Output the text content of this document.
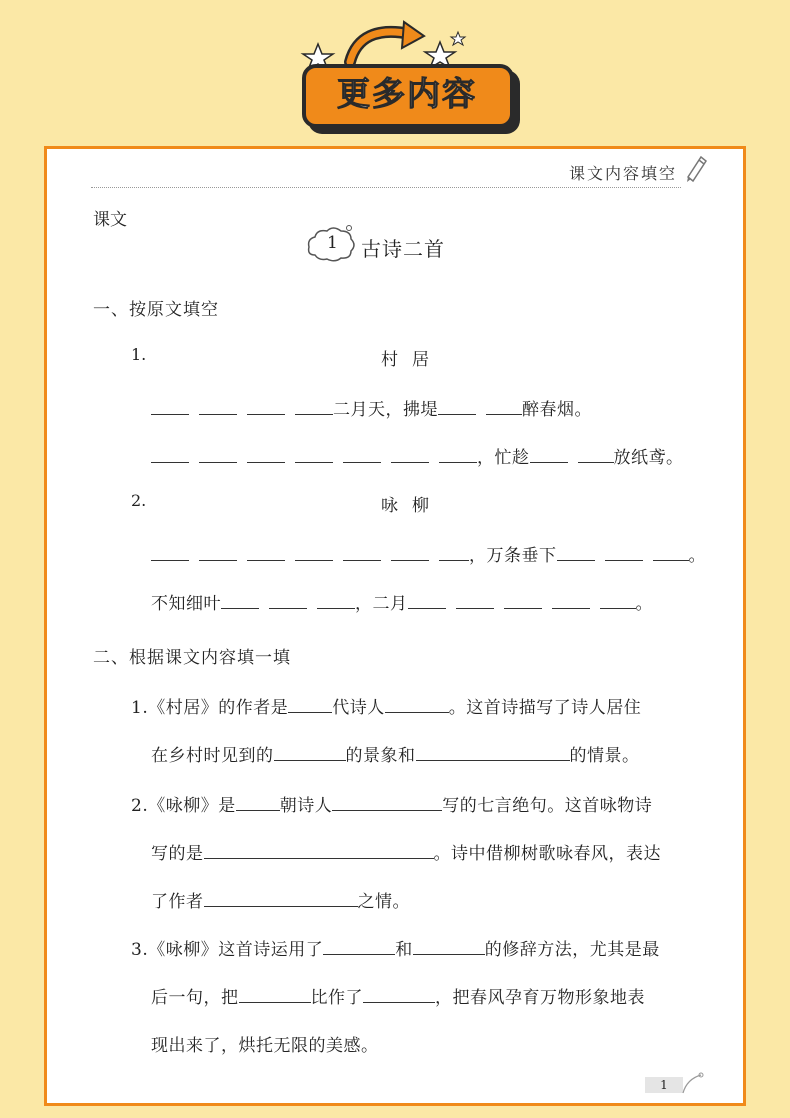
更多内容
课文内容填空
课文
1 古诗二首
一、按原文填空
1.	村居
二月天，拂堤	醉春烟。
，忙趁	放纸鸢。
2.	咏柳
，万条垂下	。
不知细叶	，二月	。
二、根据课文内容填一填
1.《村居》的作者是	代诗人	。这首诗描写了诗人居住
在乡村时见到的	的景象和	的情景。
2.《咏柳》是	朝诗人	写的七言绝句。这首咏物诗
写的是	。诗中借柳树歌咏春风，表达
了作者	之情。
3.《咏柳》这首诗运用了	和	的修辞方法，尤其是最
后一句，把	比作了	，把春风孕育万物形象地表
现出来了，烘托无限的美感。
1
